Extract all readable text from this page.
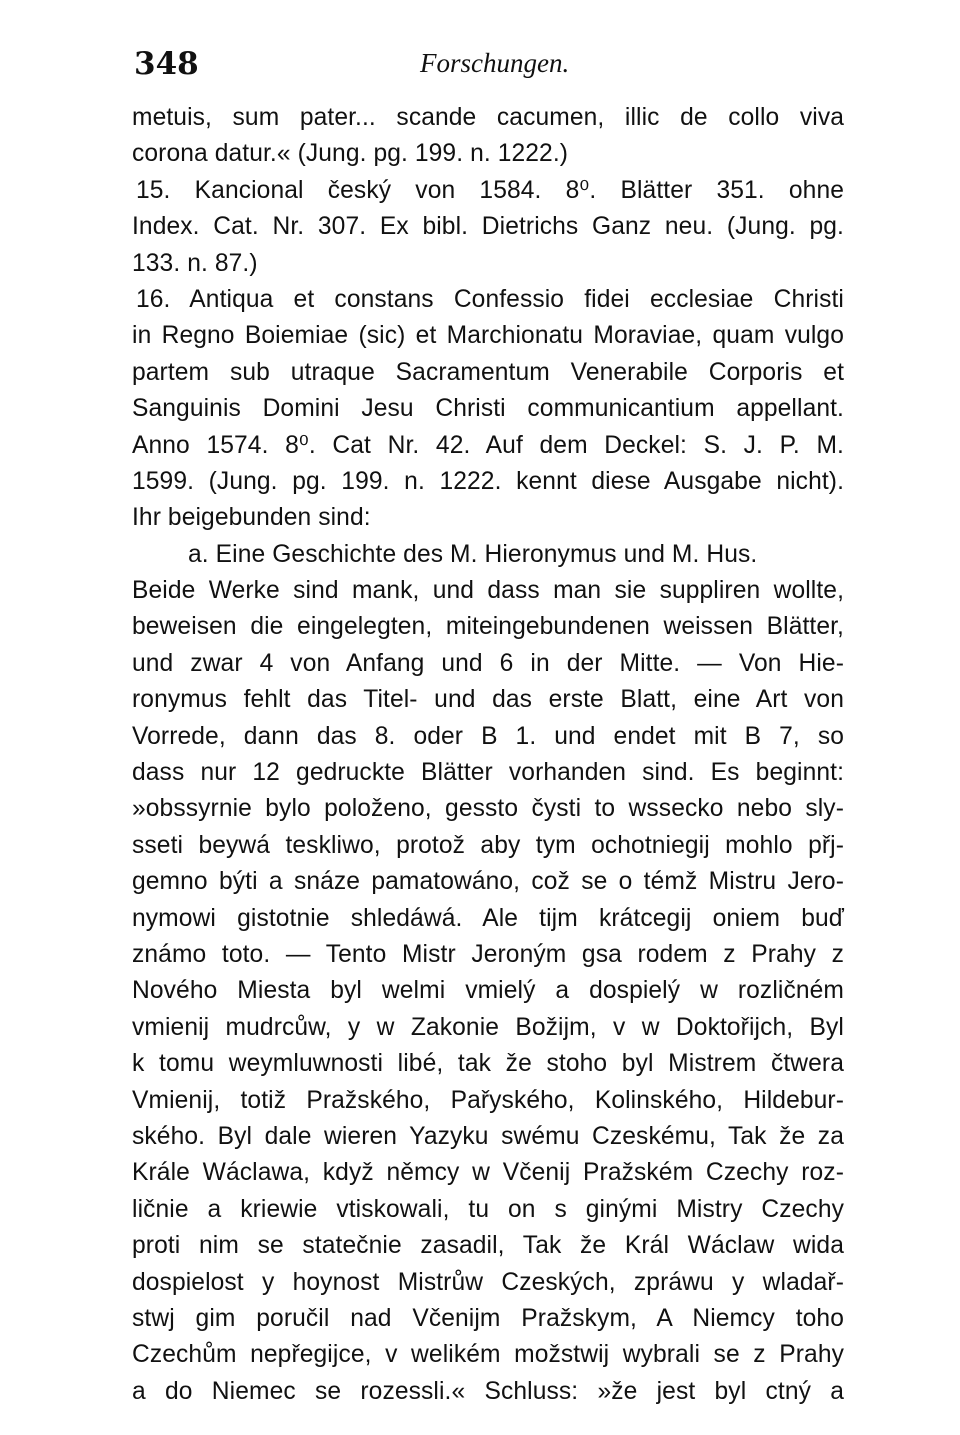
348	Forschungen.
metuis, sum pater... scande cacumen, illic de collo viva
corona datur.« (Jung. pg. 199. n. 1222.)
15. Kancional český von 1584. 8⁰. Blätter 351. ohne
Index. Cat. Nr. 307. Ex bibl. Dietrichs Ganz neu. (Jung. pg.
133. n. 87.)
16. Antiqua et constans Confessio fidei ecclesiae Christi
in Regno Boiemiae (sic) et Marchionatu Moraviae, quam vulgo
partem sub utraque Sacramentum Venerabile Corporis et
Sanguinis Domini Jesu Christi communicantium appellant.
Anno 1574. 8⁰. Cat Nr. 42. Auf dem Deckel: S. J. P. M.
1599. (Jung. pg. 199. n. 1222. kennt diese Ausgabe nicht).
Ihr beigebunden sind:
a. Eine Geschichte des M. Hieronymus und M. Hus.
Beide Werke sind mank, und dass man sie suppliren wollte,
beweisen die eingelegten, miteingebundenen weissen Blätter,
und zwar 4 von Anfang und 6 in der Mitte. — Von Hie-
ronymus fehlt das Titel- und das erste Blatt, eine Art von
Vorrede, dann das 8. oder B 1. und endet mit B 7, so
dass nur 12 gedruckte Blätter vorhanden sind. Es beginnt:
»obssyrnie bylo položeno, gessto čysti to wssecko nebo sly-
sseti beywá teskliwo, protož aby tym ochotniegij mohlo přj-
gemno býti a snáze pamatowáno, což se o témž Mistru Jero-
nymowi gistotnie shledáwá. Ale tijm krátcegij oniem buď
známo toto. — Tento Mistr Jeroným gsa rodem z Prahy z
Nového Miesta byl welmi vmielý a dospielý w rozličném
vmienij mudrcůw, y w Zakonie Božijm, v w Doktořijch, Byl
k tomu weymluwnosti libé, tak že stoho byl Mistrem čtwera
Vmienij, totiž Pražského, Pařyského, Kolinského, Hildebur-
ského. Byl dale wieren Yazyku swému Czeskému, Tak že za
Krále Wáclawa, když němcy w Včenij Pražském Czechy roz-
ličnie a kriewie vtiskowali, tu on s ginými Mistry Czechy
proti nim se statečnie zasadil, Tak že Král Wáclaw wida
dospielost y hoynost Mistrůw Czeských, zpráwu y wladař-
stwj gim poručil nad Včenijm Pražskym, A Niemcy toho
Czechům nepřegijce, v welikém možstwij wybrali se z Prahy
a do Niemec se rozessli.« Schluss: »že jest byl ctný a
